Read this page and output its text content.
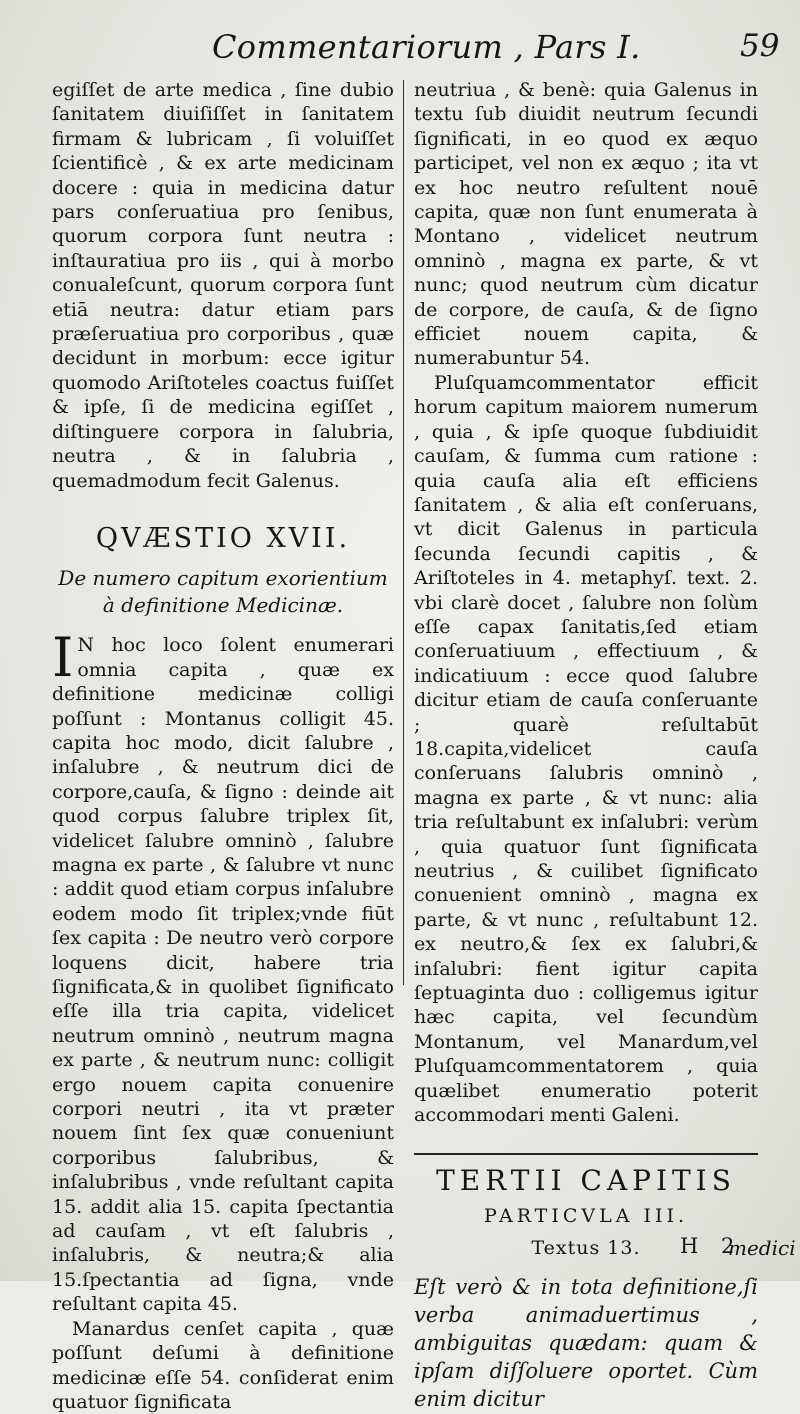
Commentariorum , Pars I.	59

egiſſet de arte medica , ſine dubio ſanitatem diuiſiſſet in ſanitatem firmam & lubricam , ſi voluiſſet ſcientificè , & ex arte medicinam docere : quia in medicina datur pars conſeruatiua pro ſenibus, quorum corpora ſunt neutra : inſtauratiua pro iis , qui à morbo conualeſcunt, quorum corpora ſunt etiā neutra: datur etiam pars præſeruatiua pro corporibus , quæ decidunt in morbum: ecce igitur quomodo Ariſtoteles coactus fuiſſet & ipſe, ſi de medicina egiſſet , diſtinguere corpora in ſalubria, neutra , & in ſalubria , quemadmodum fecit Galenus.

QVÆSTIO XVII.
De numero capitum exorientium
à definitione Medicinæ.

I N hoc loco ſolent enumerari omnia capita , quæ ex definitione medicinæ colligi poſſunt : Montanus colligit 45. capita hoc modo, dicit ſalubre , inſalubre , & neutrum dici de corpore,cauſa, & ſigno : deinde ait quod corpus ſalubre triplex ſit, videlicet ſalubre omninò , ſalubre magna ex parte , & ſalubre vt nunc : addit quod etiam corpus inſalubre eodem modo ſit triplex;vnde fiūt ſex capita : De neutro verò corpore loquens dicit, habere tria ſignificata,& in quolibet ſignificato eſſe illa tria capita, videlicet neutrum omninò , neutrum magna ex parte , & neutrum nunc: colligit ergo nouem capita conuenire corpori neutri , ita vt præter nouem ſint ſex quæ conueniunt corporibus ſalubribus, & inſalubribus , vnde reſultant capita 15. addit alia 15. capita ſpectantia ad cauſam , vt eſt ſalubris , inſalubris, & neutra;& alia 15.ſpectantia ad ſigna, vnde reſultant capita 45.

Manardus cenſet capita , quæ poſſunt deſumi à definitione medicinæ eſſe 54. conſiderat enim quatuor ſignificata

neutriua , & benè: quia Galenus in textu ſub diuidit neutrum ſecundi ſignificati, in eo quod ex æquo participet, vel non ex æquo ; ita vt ex hoc neutro reſultent nouē capita, quæ non ſunt enumerata à Montano , videlicet neutrum omninò , magna ex parte, & vt nunc; quod neutrum cùm dicatur de corpore, de cauſa, & de ſigno efficiet nouem capita, & numerabuntur 54.

Pluſquamcommentator efficit horum capitum maiorem numerum , quia , & ipſe quoque ſubdiuidit cauſam, & ſumma cum ratione : quia cauſa alia eſt efficiens ſanitatem , & alia eſt conſeruans, vt dicit Galenus in particula ſecunda ſecundi capitis , & Ariſtoteles in 4. metaphyſ. text. 2. vbi clarè docet , ſalubre non ſolùm eſſe capax ſanitatis,ſed etiam conſeruatiuum , effectiuum , & indicatiuum : ecce quod ſalubre dicitur etiam de cauſa conſeruante ; quarè reſultabūt 18.capita,videlicet cauſa conſeruans ſalubris omninò , magna ex parte , & vt nunc: alia tria reſultabunt ex inſalubri: verùm , quia quatuor ſunt ſignificata neutrius , & cuilibet ſignificato conuenient omninò , magna ex parte, & vt nunc , reſultabunt 12. ex neutro,& ſex ex ſalubri,& inſalubri: fient igitur capita ſeptuaginta duo : colligemus igitur hæc capita, vel ſecundùm Montanum, vel Manardum,vel Pluſquamcommentatorem , quia quælibet enumeratio poterit accommodari menti Galeni.

TERTII CAPITIS
PARTICVLA III.
Textus 13.

Eſt verò & in tota definitione,ſi verba animaduertimus , ambiguitas quædam: quam & ipſam diſſoluere oportet. Cùm enim dicitur

H 2
medici
